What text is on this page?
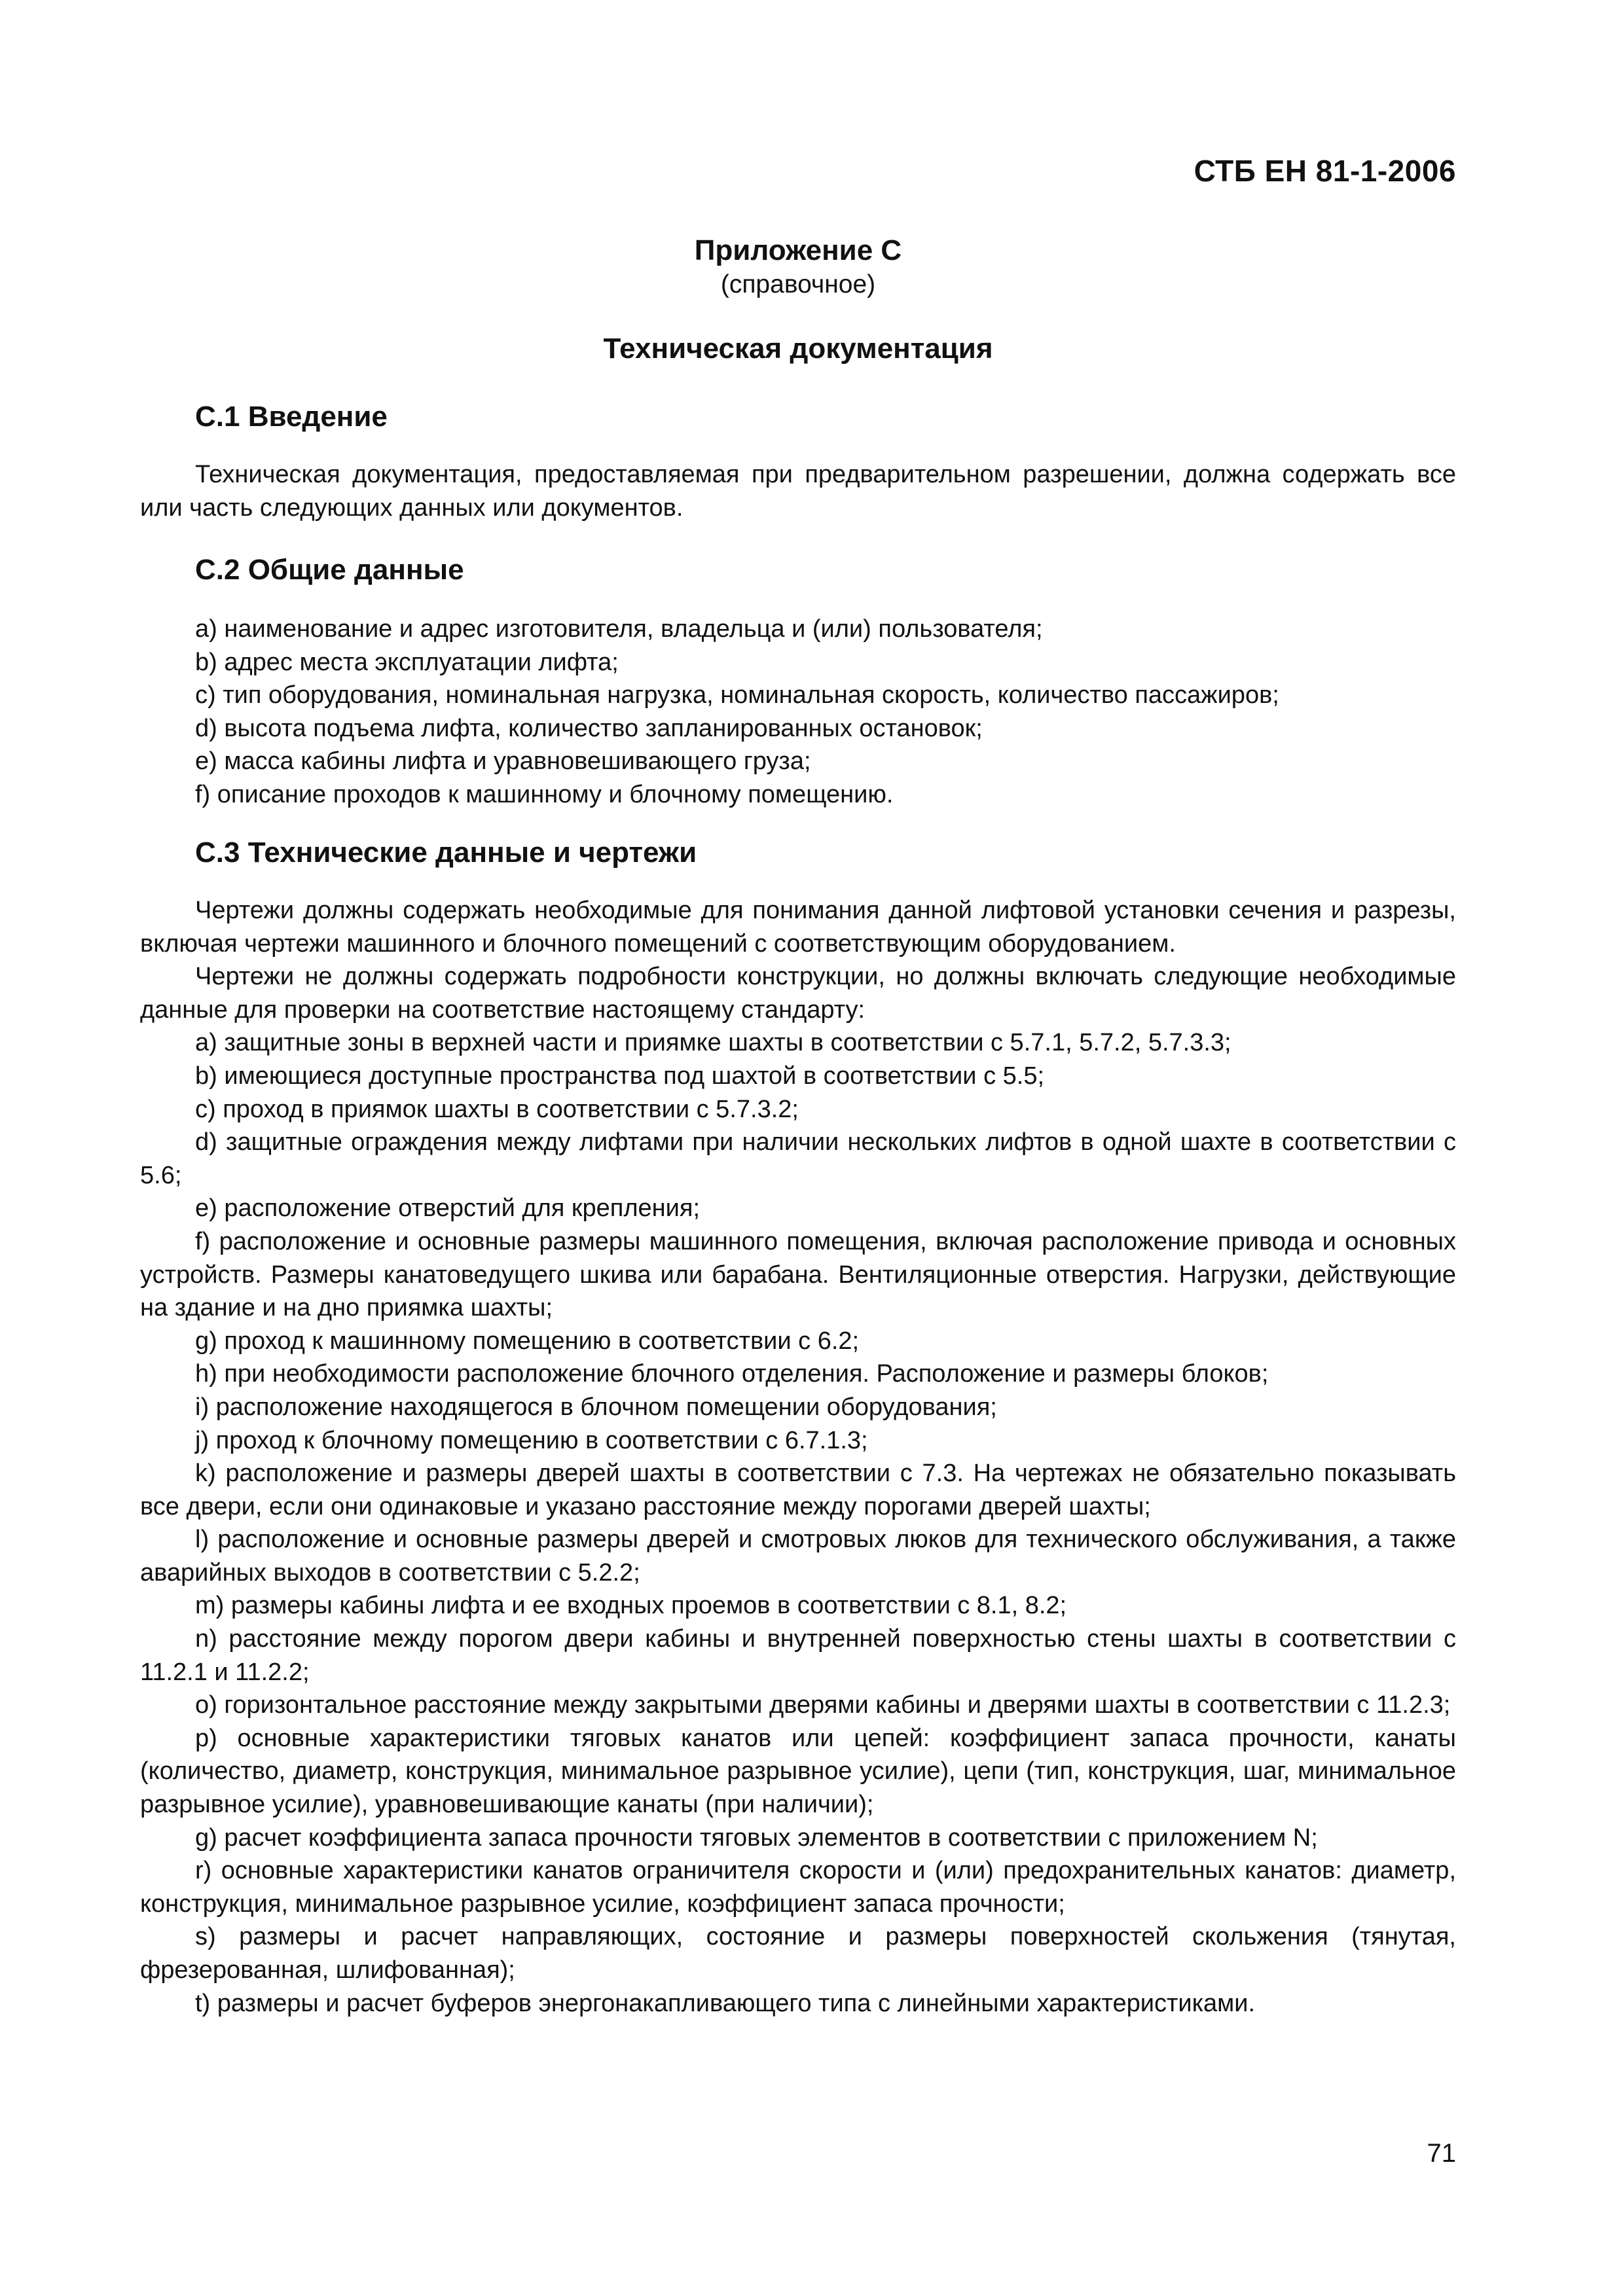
СТБ ЕН 81-1-2006
Приложение С
(справочное)
Техническая документация
С.1 Введение

Техническая документация, предоставляемая при предварительном разрешении, должна содержать все или часть следующих данных или документов.

С.2 Общие данные

a) наименование и адрес изготовителя, владельца и (или) пользователя;

b) адрес места эксплуатации лифта;

c) тип оборудования, номинальная нагрузка, номинальная скорость, количество пассажиров;

d) высота подъема лифта, количество запланированных остановок;

e) масса кабины лифта и уравновешивающего груза;

f) описание проходов к машинному и блочному помещению.

С.3 Технические данные и чертежи

Чертежи должны содержать необходимые для понимания данной лифтовой установки сечения и разрезы, включая чертежи машинного и блочного помещений с соответствующим оборудованием.

Чертежи не должны содержать подробности конструкции, но должны включать следующие необходимые данные для проверки на соответствие настоящему стандарту:

a) защитные зоны в верхней части и приямке шахты в соответствии с 5.7.1, 5.7.2, 5.7.3.3;

b) имеющиеся доступные пространства под шахтой в соответствии с 5.5;

c) проход в приямок шахты в соответствии с 5.7.3.2;

d) защитные ограждения между лифтами при наличии нескольких лифтов в одной шахте в соответствии с 5.6;

e) расположение отверстий для крепления;

f) расположение и основные размеры машинного помещения, включая расположение привода и основных устройств. Размеры канатоведущего шкива или барабана. Вентиляционные отверстия. Нагрузки, действующие на здание и на дно приямка шахты;

g) проход к машинному помещению в соответствии с 6.2;

h) при необходимости расположение блочного отделения. Расположение и размеры блоков;

i) расположение находящегося в блочном помещении оборудования;

j) проход к блочному помещению в соответствии с 6.7.1.3;

k) расположение и размеры дверей шахты в соответствии с 7.3. На чертежах не обязательно показывать все двери, если они одинаковые и указано расстояние между порогами дверей шахты;

l) расположение и основные размеры дверей и смотровых люков для технического обслуживания, а также аварийных выходов в соответствии с 5.2.2;

m) размеры кабины лифта и ее входных проемов в соответствии с 8.1, 8.2;

n) расстояние между порогом двери кабины и внутренней поверхностью стены шахты в соответствии с 11.2.1 и 11.2.2;

o) горизонтальное расстояние между закрытыми дверями кабины и дверями шахты в соответствии с 11.2.3;

p) основные характеристики тяговых канатов или цепей: коэффициент запаса прочности, канаты (количество, диаметр, конструкция, минимальное разрывное усилие), цепи (тип, конструкция, шаг, минимальное разрывное усилие), уравновешивающие канаты (при наличии);

g) расчет коэффициента запаса прочности тяговых элементов в соответствии с приложением N;

r) основные характеристики канатов ограничителя скорости и (или) предохранительных канатов: диаметр, конструкция, минимальное разрывное усилие, коэффициент запаса прочности;

s) размеры и расчет направляющих, состояние и размеры поверхностей скольжения (тянутая, фрезерованная, шлифованная);

t) размеры и расчет буферов энергонакапливающего типа с линейными характеристиками.

71
